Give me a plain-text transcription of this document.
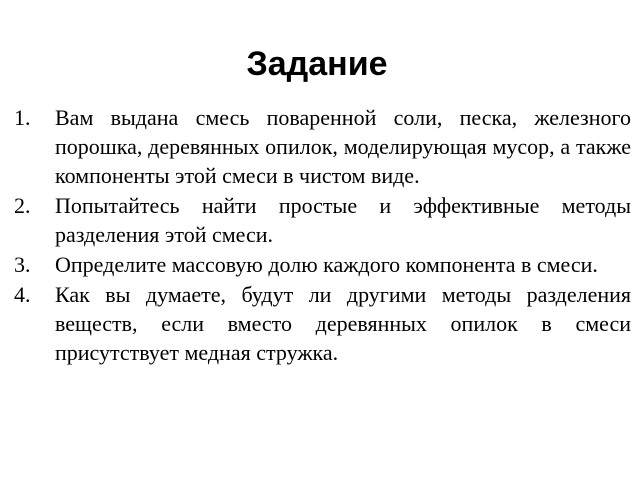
Задание
1. Вам выдана смесь поваренной соли, песка, железного порошка, деревянных опилок, моделирующая мусор, а также компоненты этой смеси в чистом виде.
2. Попытайтесь найти простые и эффективные методы разделения этой смеси.
3. Определите массовую долю каждого компонента в смеси.
4. Как вы думаете, будут ли другими методы разделения веществ, если вместо деревянных опилок в смеси присутствует медная стружка.
